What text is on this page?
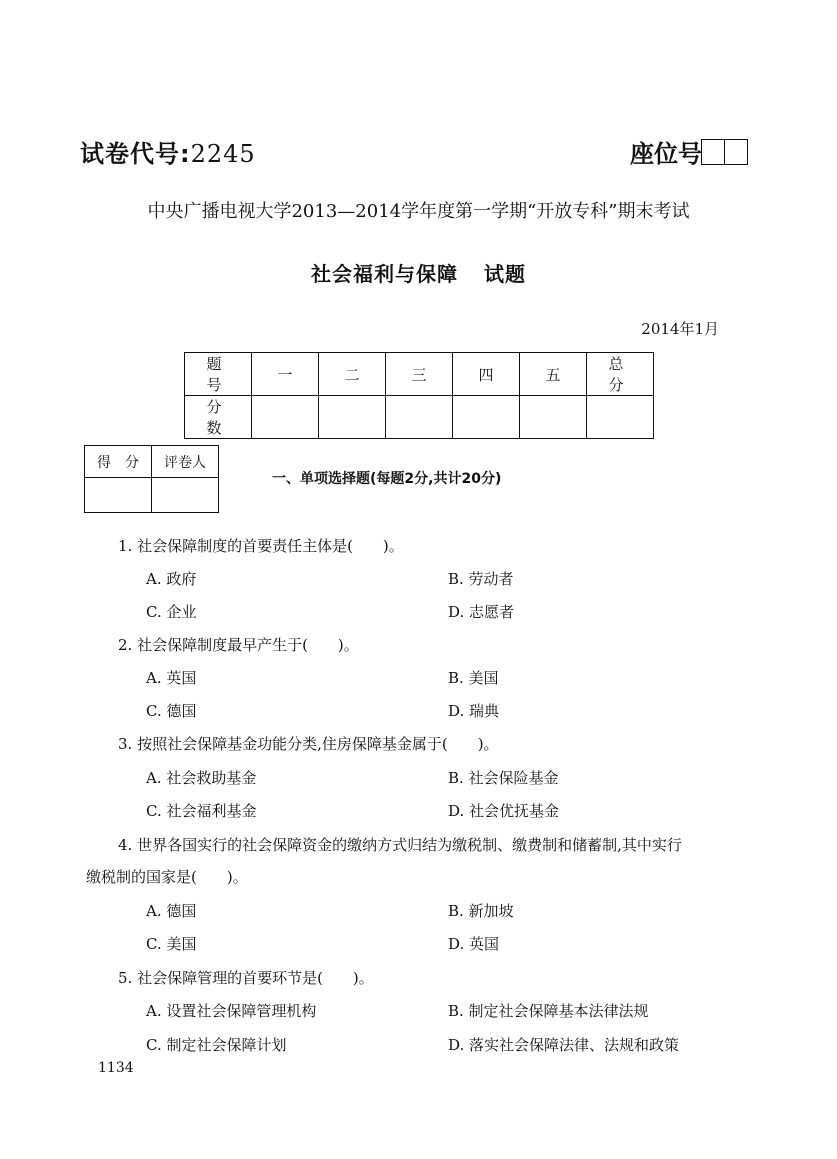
试卷代号:2245	座位号
中央广播电视大学2013—2014学年度第一学期“开放专科”期末考试
社会福利与保障 试题
2014年1月
题　号	一	二	三	四	五	总　分
分　数						
得　分	评卷人

一、单项选择题(每题2分,共计20分)
1. 社会保障制度的首要责任主体是(　　)。
A. 政府	B. 劳动者
C. 企业	D. 志愿者
2. 社会保障制度最早产生于(　　)。
A. 英国	B. 美国
C. 德国	D. 瑞典
3. 按照社会保障基金功能分类,住房保障基金属于(　　)。
A. 社会救助基金	B. 社会保险基金
C. 社会福利基金	D. 社会优抚基金
4. 世界各国实行的社会保障资金的缴纳方式归结为缴税制、缴费制和储蓄制,其中实行
缴税制的国家是(　　)。
A. 德国	B. 新加坡
C. 美国	D. 英国
5. 社会保障管理的首要环节是(　　)。
A. 设置社会保障管理机构	B. 制定社会保障基本法律法规
C. 制定社会保障计划	D. 落实社会保障法律、法规和政策
1134
